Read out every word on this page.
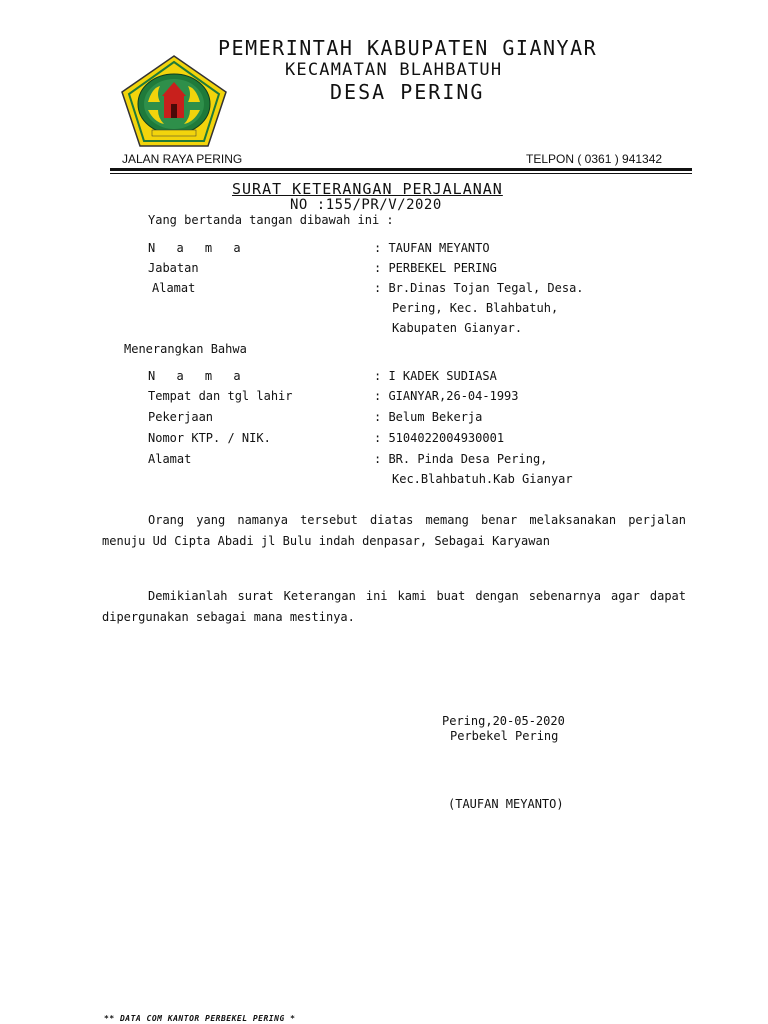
PEMERINTAH KABUPATEN GIANYAR
KECAMATAN BLAHBATUH
DESA PERING
JALAN RAYA PERING	TELPON ( 0361 ) 941342
SURAT KETERANGAN PERJALANAN
NO :155/PR/V/2020
Yang bertanda tangan dibawah ini :
N a m a	: TAUFAN MEYANTO
Jabatan	: PERBEKEL PERING
Alamat	: Br.Dinas Tojan Tegal, Desa.
Pering, Kec. Blahbatuh,
Kabupaten Gianyar.
Menerangkan Bahwa
N a m a	: I KADEK SUDIASA
Tempat dan tgl lahir	: GIANYAR,26-04-1993
Pekerjaan	: Belum Bekerja
Nomor KTP. / NIK.	: 5104022004930001
Alamat	: BR. Pinda Desa Pering,
Kec.Blahbatuh.Kab Gianyar
Orang yang namanya tersebut diatas memang benar melaksanakan perjalan menuju Ud Cipta Abadi jl Bulu indah denpasar, Sebagai Karyawan
Demikianlah surat Keterangan ini kami buat dengan sebenarnya agar dapat dipergunakan sebagai mana mestinya.
Pering,20-05-2020
Perbekel Pering
(TAUFAN MEYANTO)
** DATA COM KANTOR PERBEKEL PERING *
